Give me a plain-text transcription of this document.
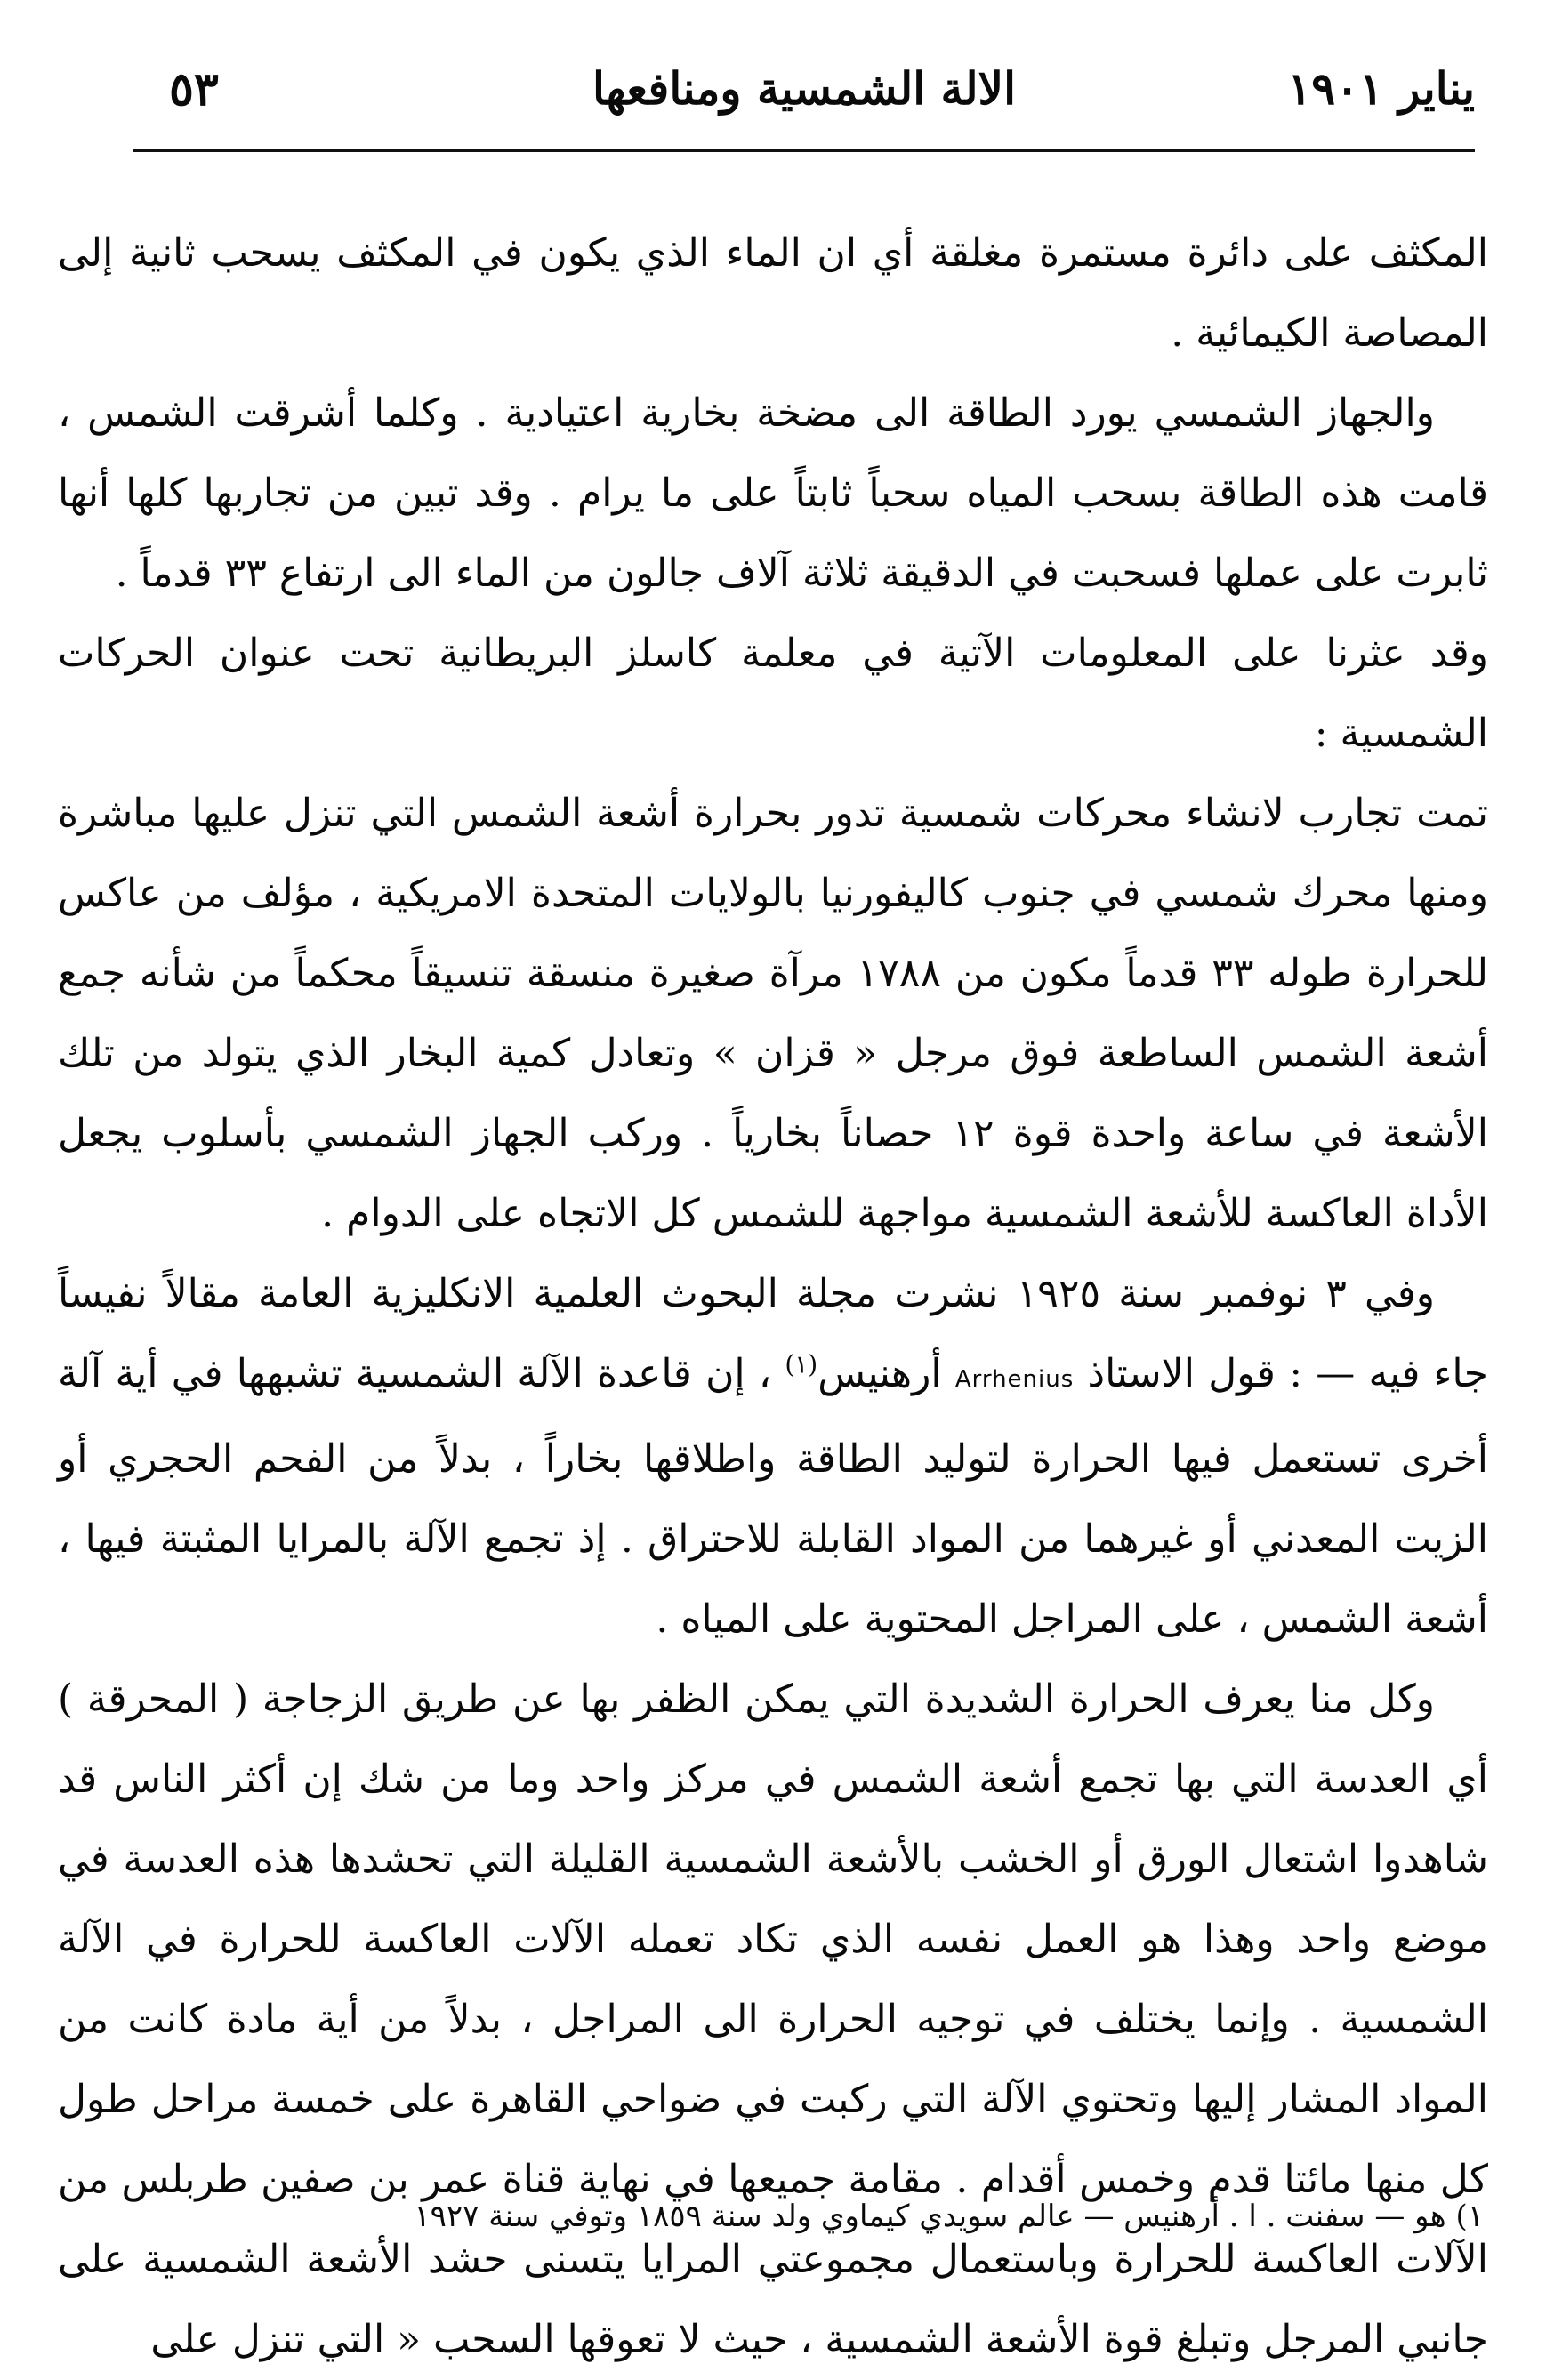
٥٣	الالة الشمسية ومنافعها	يناير ١٩٠١

المكثف على دائرة مستمرة مغلقة أي ان الماء الذي يكون في المكثف يسحب ثانية إلى المصاصة الكيمائية .

والجهاز الشمسي يورد الطاقة الى مضخة بخارية اعتيادية . وكلما أشرقت الشمس ، قامت هذه الطاقة بسحب المياه سحباً ثابتاً على ما يرام . وقد تبين من تجاربها كلها أنها ثابرت على عملها فسحبت في الدقيقة ثلاثة آلاف جالون من الماء الى ارتفاع ٣٣ قدماً .

وقد عثرنا على المعلومات الآتية في معلمة كاسلز البريطانية تحت عنوان الحركات الشمسية :

تمت تجارب لانشاء محركات شمسية تدور بحرارة أشعة الشمس التي تنزل عليها مباشرة ومنها محرك شمسي في جنوب كاليفورنيا بالولايات المتحدة الامريكية ، مؤلف من عاكس للحرارة طوله ٣٣ قدماً مكون من ١٧٨٨ مرآة صغيرة منسقة تنسيقاً محكماً من شأنه جمع أشعة الشمس الساطعة فوق مرجل « قزان » وتعادل كمية البخار الذي يتولد من تلك الأشعة في ساعة واحدة قوة ١٢ حصاناً بخارياً . وركب الجهاز الشمسي بأسلوب يجعل الأداة العاكسة للأشعة الشمسية مواجهة للشمس كل الاتجاه على الدوام .

وفي ٣ نوفمبر سنة ١٩٢٥ نشرت مجلة البحوث العلمية الانكليزية العامة مقالاً نفيساً جاء فيه — : قول الاستاذ Arrhenius أرهنيس$^{(١)}$ ، إن قاعدة الآلة الشمسية تشبهها في أية آلة أخرى تستعمل فيها الحرارة لتوليد الطاقة واطلاقها بخاراً ، بدلاً من الفحم الحجري أو الزيت المعدني أو غيرهما من المواد القابلة للاحتراق . إذ تجمع الآلة بالمرايا المثبتة فيها ، أشعة الشمس ، على المراجل المحتوية على المياه .

وكل منا يعرف الحرارة الشديدة التي يمكن الظفر بها عن طريق الزجاجة ( المحرقة ) أي العدسة التي بها تجمع أشعة الشمس في مركز واحد وما من شك إن أكثر الناس قد شاهدوا اشتعال الورق أو الخشب بالأشعة الشمسية القليلة التي تحشدها هذه العدسة في موضع واحد وهذا هو العمل نفسه الذي تكاد تعمله الآلات العاكسة للحرارة في الآلة الشمسية . وإنما يختلف في توجيه الحرارة الى المراجل ، بدلاً من أية مادة كانت من المواد المشار إليها وتحتوي الآلة التي ركبت في ضواحي القاهرة على خمسة مراحل طول كل منها مائتا قدم وخمس أقدام . مقامة جميعها في نهاية قناة عمر بن صفين طربلس من الآلات العاكسة للحرارة وباستعمال مجموعتي المرايا يتسنى حشد الأشعة الشمسية على جانبي المرجل وتبلغ قوة الأشعة الشمسية ، حيث لا تعوقها السحب « التي تنزل على

١) هو — سفنت . ا . أرهنيس — عالم سويدي كيماوي ولد سنة ١٨٥٩ وتوفي سنة ١٩٢٧
